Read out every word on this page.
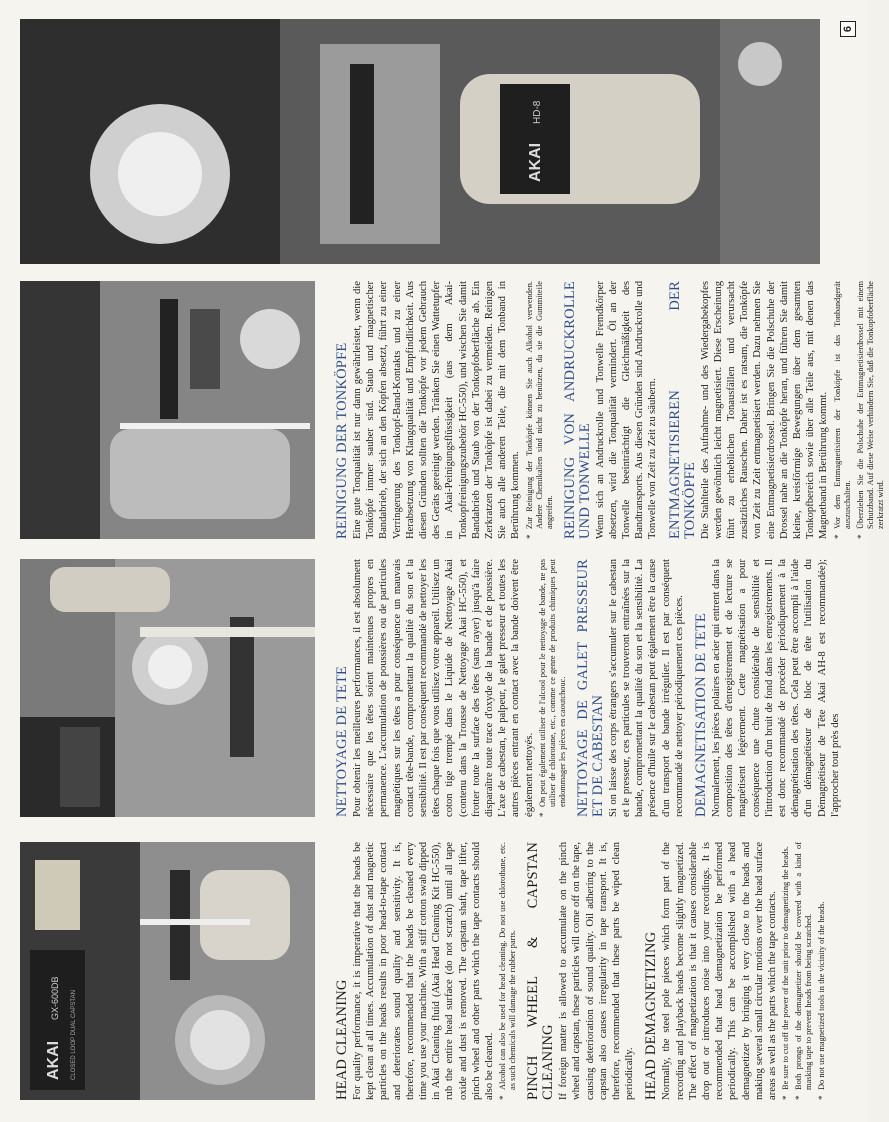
AKAI
GX-600DB CLOSED LOOP DUAL CAPSTAN	HEAD CLEANING For quality performance, it is imperative that the heads be kept clean at all times. Accumulation of dust and magnetic particles on the heads results in poor head-to-tape contact and deteriorates sound quality and sensitivity. It is, therefore, recommended that the heads be cleaned every time you use your machine. With a stiff cotton swab dipped in Akai Cleaning fluid (Akai Head Cleaning Kit HC-550), rub the entire head surface (do not scratch) until all tape oxide and dust is removed. The capstan shaft, tape lifter, pinch wheel and other parts which the tape contacts should also be cleaned. * Alcohol can also be used for head cleaning. Do not use chlorothane, etc. as such chemicals will damage the rubber parts. PINCH WHEEL & CAPSTAN CLEANING If foreign matter is allowed to accumulate on the pinch wheel and capstan, these particles will come off on the tape, causing deterioration of sound quality. Oil adhering to the capstan also causes irregularity in tape transport. It is, therefore, recommended that these parts be wiped clean periodically. HEAD DEMAGNETIZING Normally, the steel pole pieces which form part of the recording and playback heads become slightly magnetized. The effect of magnetization is that it causes considerable drop out or introduces noise into your recordings. It is recommended that head demagnetization be performed periodically. This can be accomplished with a head demagnetizer by bringing it very close to the heads and making several small circular motions over the head surface areas as well as the parts which the tape contacts. * Be sure to cut off the power of the unit prior to demagnetizing the heads. * Both prongs of the demagnetizer should be covered with a kind of masking tape to prevent heads from being scratched. * Do not use magnetized tools in the vicinity of the heads.
NETTOYAGE DE TETE Pour obtenir les meilleures performances, il est absolument nécessaire que les têtes soient maintenues propres en permanence. L'accumulation de poussières ou de particules magnétiques sur les têtes a pour conséquence un mauvais contact tête-bande, compromettant la qualité du son et la sensibilité. Il est par conséquent recommandé de nettoyer les têtes chaque fois que vous utilisez votre appareil. Utilisez un coton tige trempé dans le Liquide de Nettoyage Akai (contenu dans la Trousse de Nettoyage Akai HC-550), et frotter toute la surface des têtes (sans rayer) jusqu'à faire disparaître toute trace d'oxyde de la bande et de poussière. L'axe de cabestan, le palpeur, le galet presseur et toutes les autres pièces entrant en contact avec la bande doivent être également nettoyés. * On peut également utiliser de l'alcool pour le nettoyage de bande, ne pas utiliser de chlorotane, etc., comme ce genre de produits chimiques peut endommager les pièces en caoutchouc. NETTOYAGE DE GALET PRESSEUR ET DE CABESTAN Si on laisse des corps étrangers s'accumuler sur le cabestan et le presseur, ces particules se trouveront entraînées sur la bande, compromettant la qualité du son et la sensibilité. La présence d'huile sur le cabestan peut également être la cause d'un transport de bande irrégulier. Il est par conséquent recommandé de nettoyer périodiquement ces pièces. DEMAGNETISATION DE TETE Normalement, les pièces polaires en acier qui entrent dans la composition des têtes d'enregistrement et de lecture se magnétisent légèrement. Cette magnétisation a pour conséquence une chute considérable de sensibilité et l'introduction d'un bruit de fond dans les enregistrements. Il est donc recommandé de procéder périodiquement à la démagnétisation des têtes. Cela peut être accompli à l'aide d'un démagnétiseur de bloc de tête l'utilisation du Démagnétiseur de Tête Akai AH-8 est recommandée); l'approcher tout près des

REINIGUNG DER TONKÖPFE Eine gute Tonqualität ist nur dann gewährleistet, wenn die Tonköpfe immer sauber sind. Staub und magnetischer Bandabrieb, der sich an den Köpfen absetzt, führt zu einer Verringerung des Tonkopf-Band-Kontakts und zu einer Herabsetzung von Klangqualität und Empfindlichkeit. Aus diesen Gründen sollten die Tonköpfe vor jedem Gebrauch des Geräts gereinigt werden. Tränken Sie einen Wattetupfer in Akai-Peinigungsflüssigkeit (aus dem Akai-Tonkopfreinigungszubehör HC-550), und wischen Sie damit Bandabrieb und Staub von der Tonkopfoberfläche ab. Ein Zerkratzen der Tonköpfe ist dabei zu vermeiden. Reinigen Sie auch alle anderen Teile, die mit dem Tonband in Berührung kommen. * Zur Reinigung der Tonköpfe können Sie auch Alkohol verwenden. Andere Chemikalien sind nicht zu benützen, da sie die Gummiteile angreifen. REINIGUNG VON ANDRUCKROLLE UND TONWELLE Wenn sich an Andruckrolle und Tonwelle Fremdkörper absetzen, wird die Tonqualität vermindert. Öl an der Tonwelle beeinträchtigt die Gleichmäßigkeit des Bandtransports. Aus diesen Gründen sind Andruckrolle und Tonwelle von Zeit zu Zeit zu säubern. ENTMAGNETISIEREN DER TONKÖPFE Die Stahlteile des Aufnahme- und des Wiedergabekopfes werden gewöhnlich leicht magnetisiert. Diese Erscheinung führt zu erheblichen Tonausfällen und verursacht zusätzliches Rauschen. Daher ist es ratsam, die Tonköpfe von Zeit zu Zeit entmagnetisiert werden. Dazu nehmen Sie eine Entmagnetisierdrossel. Bringen Sie die Polschuhe der Drossel nahe an die Tonköpfe heran, und führen Sie damit kleine, kreisförmige Bewegungen über dem gesamten Tonkopfbereich sowie über alle Teile aus, mit denen das Magnetband in Berührung kommt. * Vor dem Entmagnetisieren der Tonköpfe ist das Tonbandgerät auszuschalten. * Überziehen Sie die Polschuhe der Entmagnetisierdrossel mit einem Schutzband. Auf diese Weise verhindern Sie, daß die Tonkopfoberfläche zerkratzt wird.
AKAI
HD-8
6
